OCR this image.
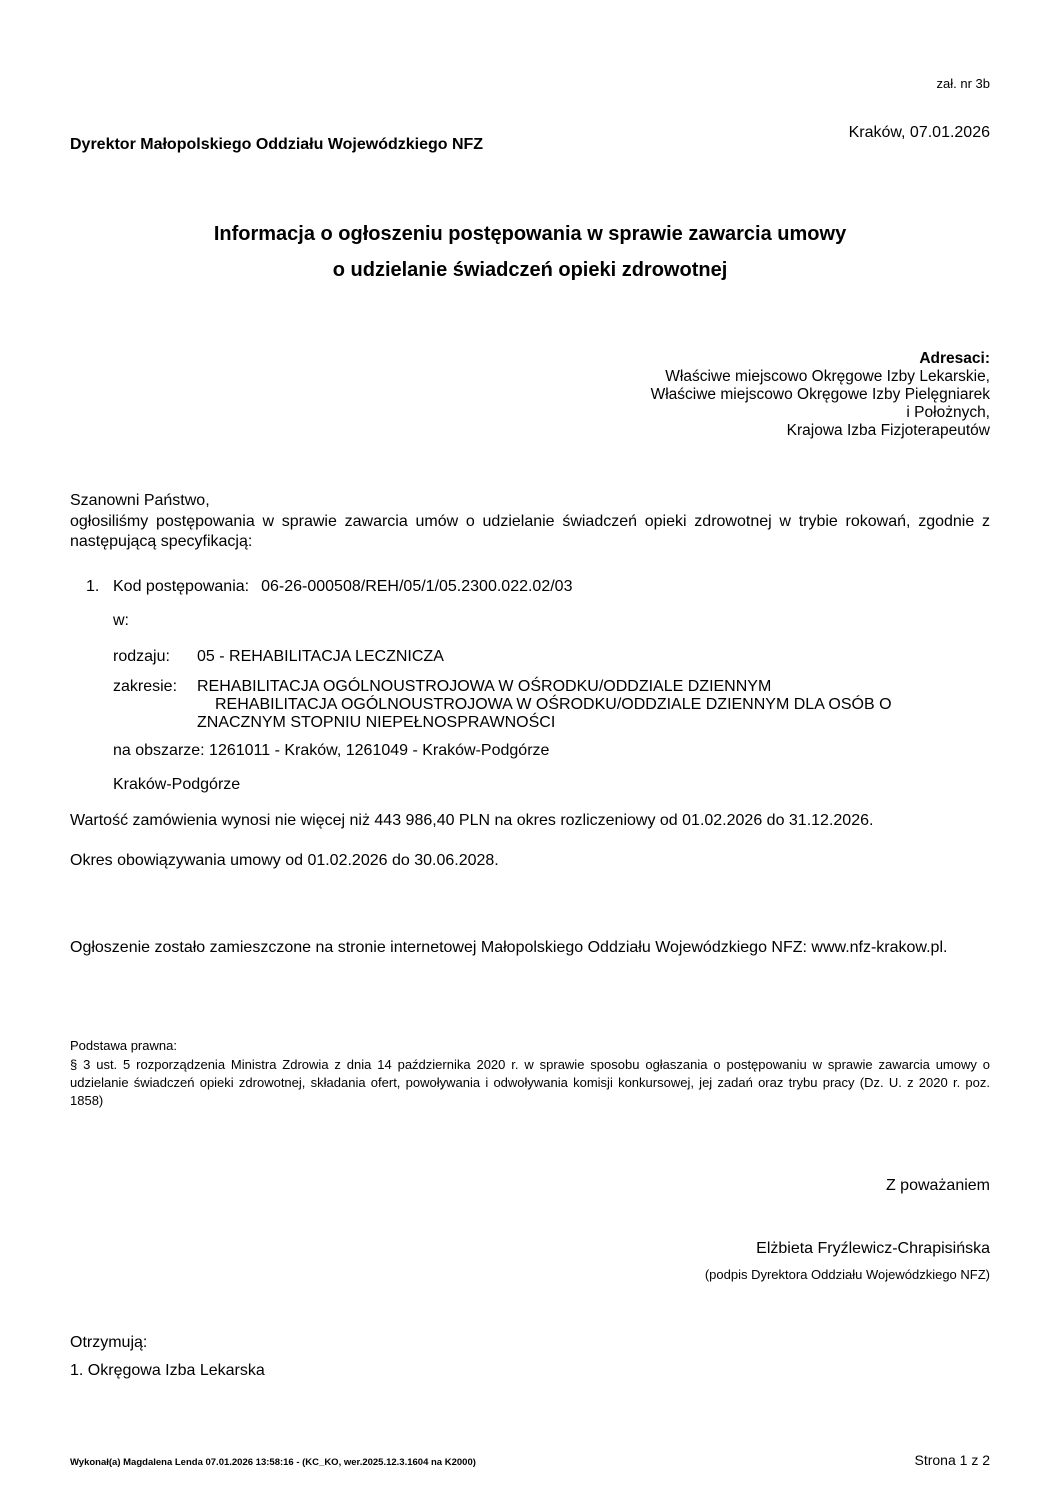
zał. nr 3b
Kraków, 07.01.2026
Dyrektor Małopolskiego Oddziału Wojewódzkiego NFZ
Informacja o ogłoszeniu postępowania w sprawie zawarcia umowy
o udzielanie świadczeń opieki zdrowotnej
Adresaci:
Właściwe miejscowo Okręgowe Izby Lekarskie,
Właściwe miejscowo Okręgowe Izby Pielęgniarek
i Położnych,
Krajowa Izba Fizjoterapeutów
Szanowni Państwo,
ogłosiliśmy postępowania w sprawie zawarcia umów o udzielanie świadczeń opieki zdrowotnej w trybie rokowań, zgodnie z następującą specyfikacją:
1. Kod postępowania: 06-26-000508/REH/05/1/05.2300.022.02/03
w:
rodzaju:	05 - REHABILITACJA LECZNICZA
zakresie:	REHABILITACJA OGÓLNOUSTROJOWA W OŚRODKU/ODDZIALE DZIENNYM
REHABILITACJA OGÓLNOUSTROJOWA W OŚRODKU/ODDZIALE DZIENNYM DLA OSÓB O
ZNACZNYM STOPNIU NIEPEŁNOSPRAWNOŚCI
na obszarze: 1261011 - Kraków, 1261049 - Kraków-Podgórze
Kraków-Podgórze
Wartość zamówienia wynosi nie więcej niż 443 986,40 PLN na okres rozliczeniowy od 01.02.2026 do 31.12.2026.
Okres obowiązywania umowy od 01.02.2026 do 30.06.2028.
Ogłoszenie zostało zamieszczone na stronie internetowej Małopolskiego Oddziału Wojewódzkiego NFZ: www.nfz-krakow.pl.
Podstawa prawna:
§ 3 ust. 5 rozporządzenia Ministra Zdrowia z dnia 14 października 2020 r. w sprawie sposobu ogłaszania o postępowaniu w sprawie zawarcia umowy o udzielanie świadczeń opieki zdrowotnej, składania ofert, powoływania i odwoływania komisji konkursowej, jej zadań oraz trybu pracy (Dz. U. z 2020 r. poz. 1858)
Z poważaniem
Elżbieta Fryźlewicz-Chrapisińska
(podpis Dyrektora Oddziału Wojewódzkiego NFZ)
Otrzymują:
1. Okręgowa Izba Lekarska
Wykonał(a) Magdalena Lenda 07.01.2026 13:58:16 - (KC_KO, wer.2025.12.3.1604 na K2000)	Strona 1 z 2
